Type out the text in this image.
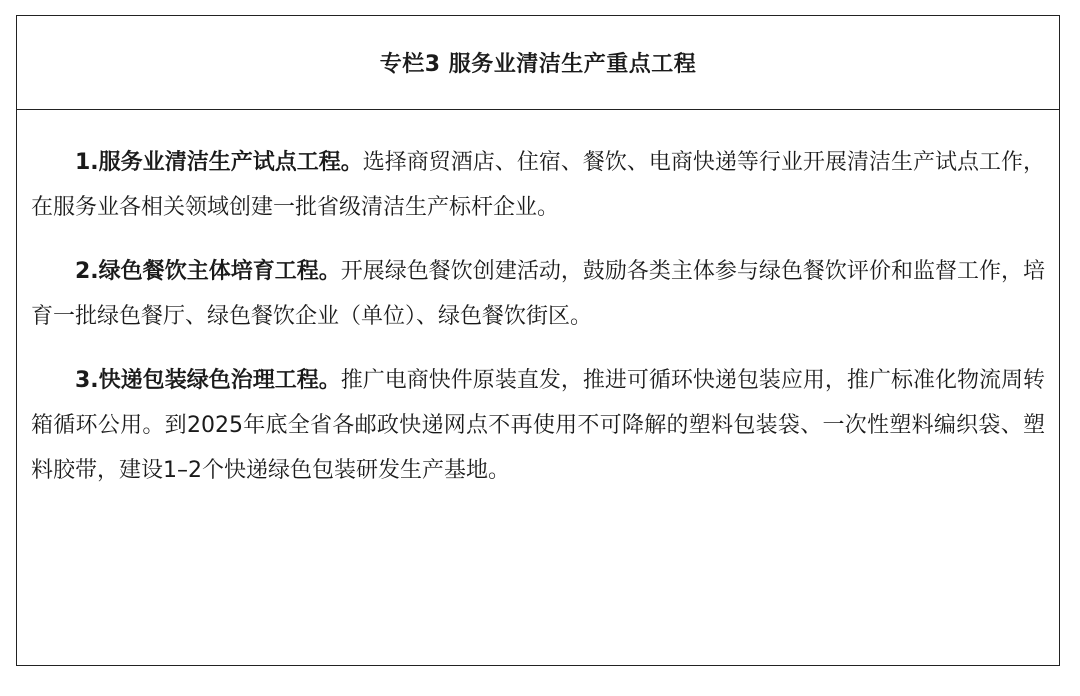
专栏3 服务业清洁生产重点工程

1.服务业清洁生产试点工程。选择商贸酒店、住宿、餐饮、电商快递等行业开展清洁生产试点工作，在服务业各相关领域创建一批省级清洁生产标杆企业。

2.绿色餐饮主体培育工程。开展绿色餐饮创建活动，鼓励各类主体参与绿色餐饮评价和监督工作，培育一批绿色餐厅、绿色餐饮企业（单位）、绿色餐饮街区。

3.快递包装绿色治理工程。推广电商快件原装直发，推进可循环快递包装应用，推广标准化物流周转箱循环公用。到2025年底全省各邮政快递网点不再使用不可降解的塑料包装袋、一次性塑料编织袋、塑料胶带，建设1–2个快递绿色包装研发生产基地。
